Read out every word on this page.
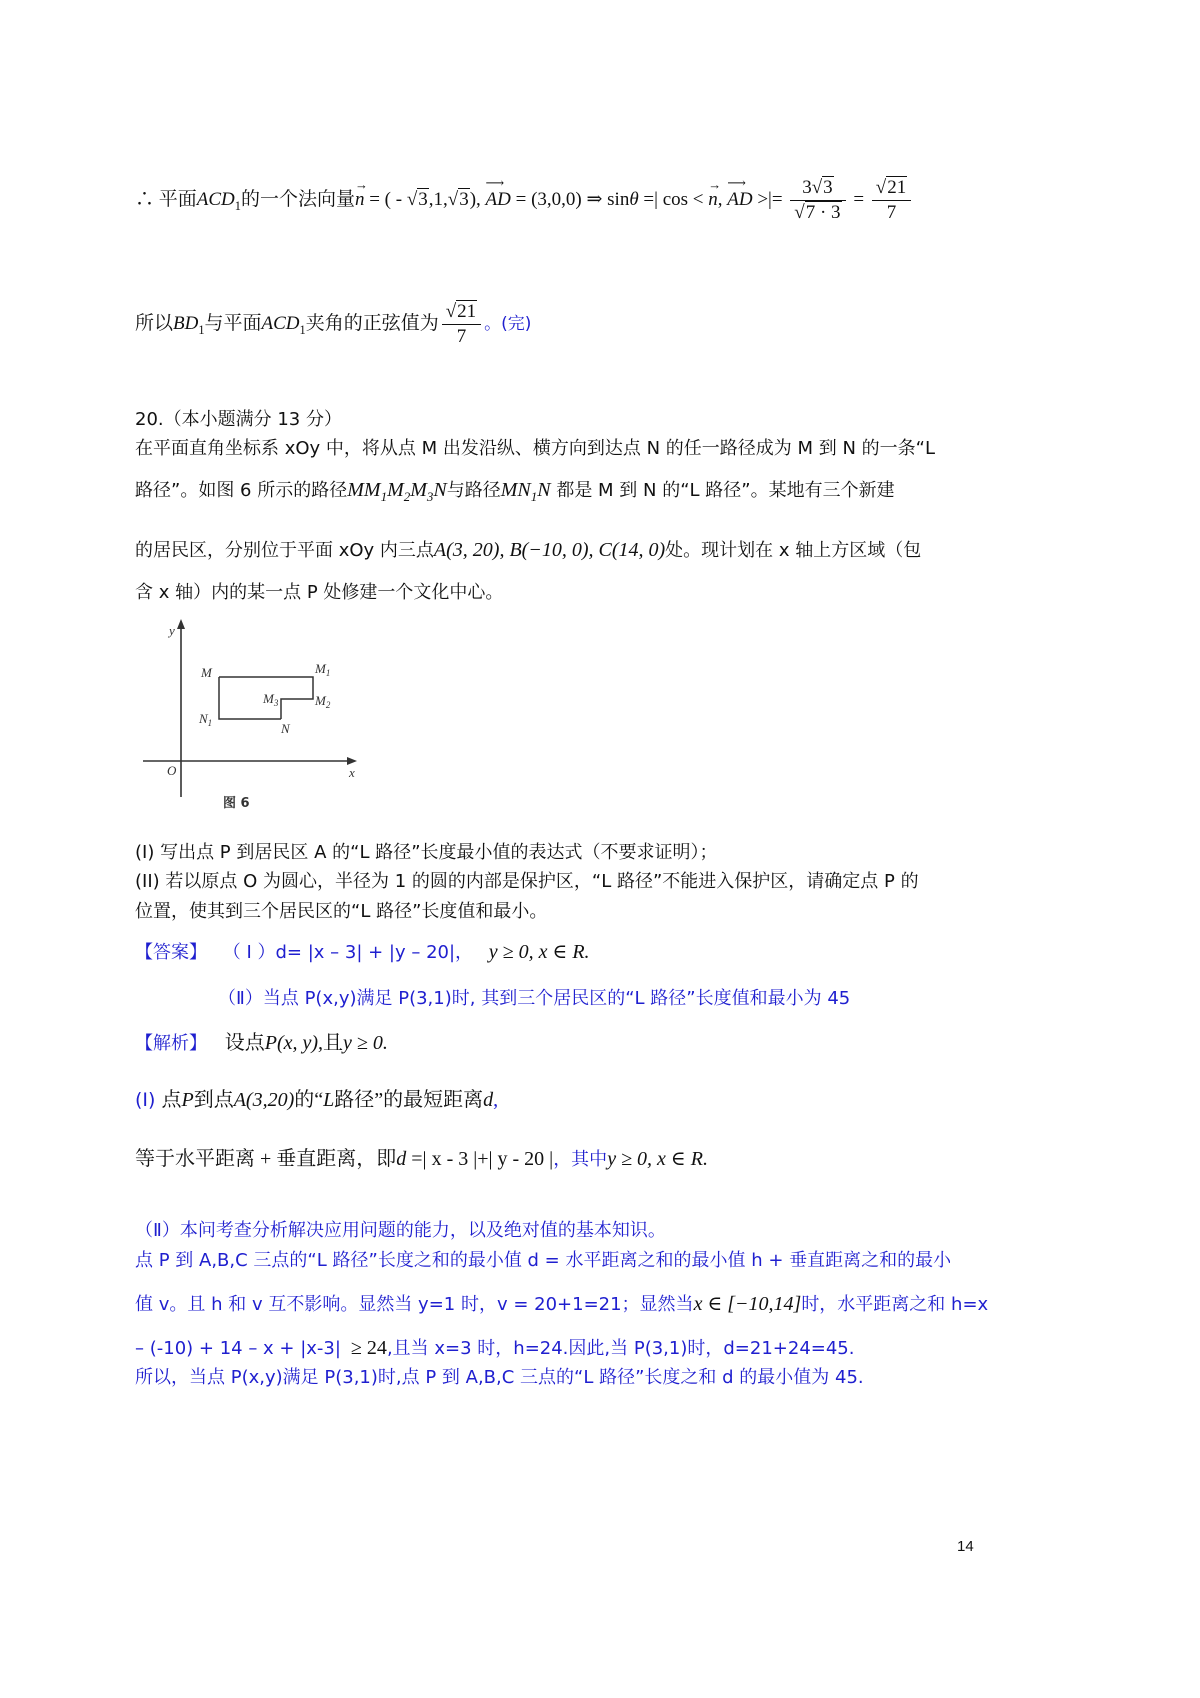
∴ 平面$ACD_1$的一个法向量
→
n = ( - √3,1,√3),
⟶
AD = (3,0,0) ⇒ sinθ =| cos <
→
n,
⟶
AD >|= $\frac{3√3}{√7 \cdot 3} = \frac{√21}{7}$
所以$BD_1$与平面$ACD_1$夹角的正弦值为 $\frac{√21}{7}$ 。(完)
20.（本小题满分 13 分）
在平面直角坐标系 xOy 中，将从点 M 出发沿纵、横方向到达点 N 的任一路径成为 M 到 N 的一条“L
路径”。如图 6 所示的路径$MM_1M_2M_3N$与路径$MN_1N$ 都是 M 到 N 的“L 路径”。某地有三个新建
的居民区，分别位于平面 xOy 内三点A(3, 20), B(−10, 0), C(14, 0)处。现计划在 x 轴上方区域（包
含 x 轴）内的某一点 P 处修建一个文化中心。
y
x
O
M	$M_1$
$M_2$
$M_3$
N
$N_1$
图 6
(I) 写出点 P 到居民区 A 的“L 路径”长度最小值的表达式（不要求证明）；
(II) 若以原点 O 为圆心，半径为 1 的圆的内部是保护区，“L 路径”不能进入保护区，请确定点 P 的
位置，使其到三个居民区的“L 路径”长度值和最小。
【答案】 （ Ⅰ ）d= |x – 3| + |y – 20|， y ≥ 0, x ∈ R.
（Ⅱ）当点 P(x,y)满足 P(3,1)时, 其到三个居民区的“L 路径”长度值和最小为 45
【解析】 设点P(x, y),且y ≥ 0.
(Ⅰ) 点P到点A(3,20)的“L路径”的最短距离d,
等于水平距离 + 垂直距离，即d =| x - 3 |+| y - 20 |，其中y ≥ 0, x ∈ R.
（Ⅱ）本问考查分析解决应用问题的能力，以及绝对值的基本知识。
点 P 到 A,B,C 三点的“L 路径”长度之和的最小值 d = 水平距离之和的最小值 h + 垂直距离之和的最小
值 v。且 h 和 v 互不影响。显然当 y=1 时，v = 20+1=21；显然当x ∈ [−10,14]时，水平距离之和 h=x
– (-10) + 14 – x + |x-3| ≥ 24,且当 x=3 时，h=24.因此,当 P(3,1)时，d=21+24=45.
所以，当点 P(x,y)满足 P(3,1)时,点 P 到 A,B,C 三点的“L 路径”长度之和 d 的最小值为 45.
14
